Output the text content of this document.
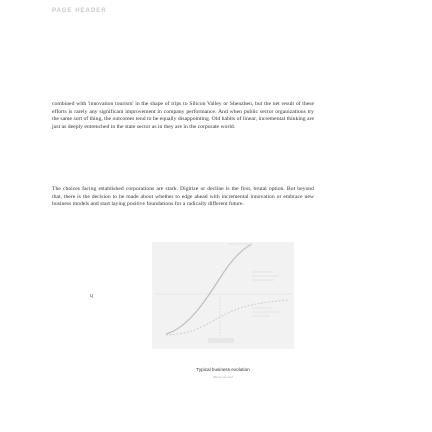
PAGE HEADER

combined with 'innovation tourism' in the shape of trips to Silicon Valley or Shenzhen, but the net result of these efforts is rarely any significant improvement in company performance. And when public sector organizations try the same sort of thing, the outcomes tend to be equally disappointing. Old habits of linear, incremental thinking are just as deeply entrenched in the state sector as in they are in the corporate world.

The choices facing established corporations are stark. Digitize or decline is the first, brutal option. But beyond that, there is the decision to be made about whether to edge ahead with incremental innovation or embrace new business models and start laying positive foundations for a radically different future.

ɥ

Typical business evolution

Where we are?
